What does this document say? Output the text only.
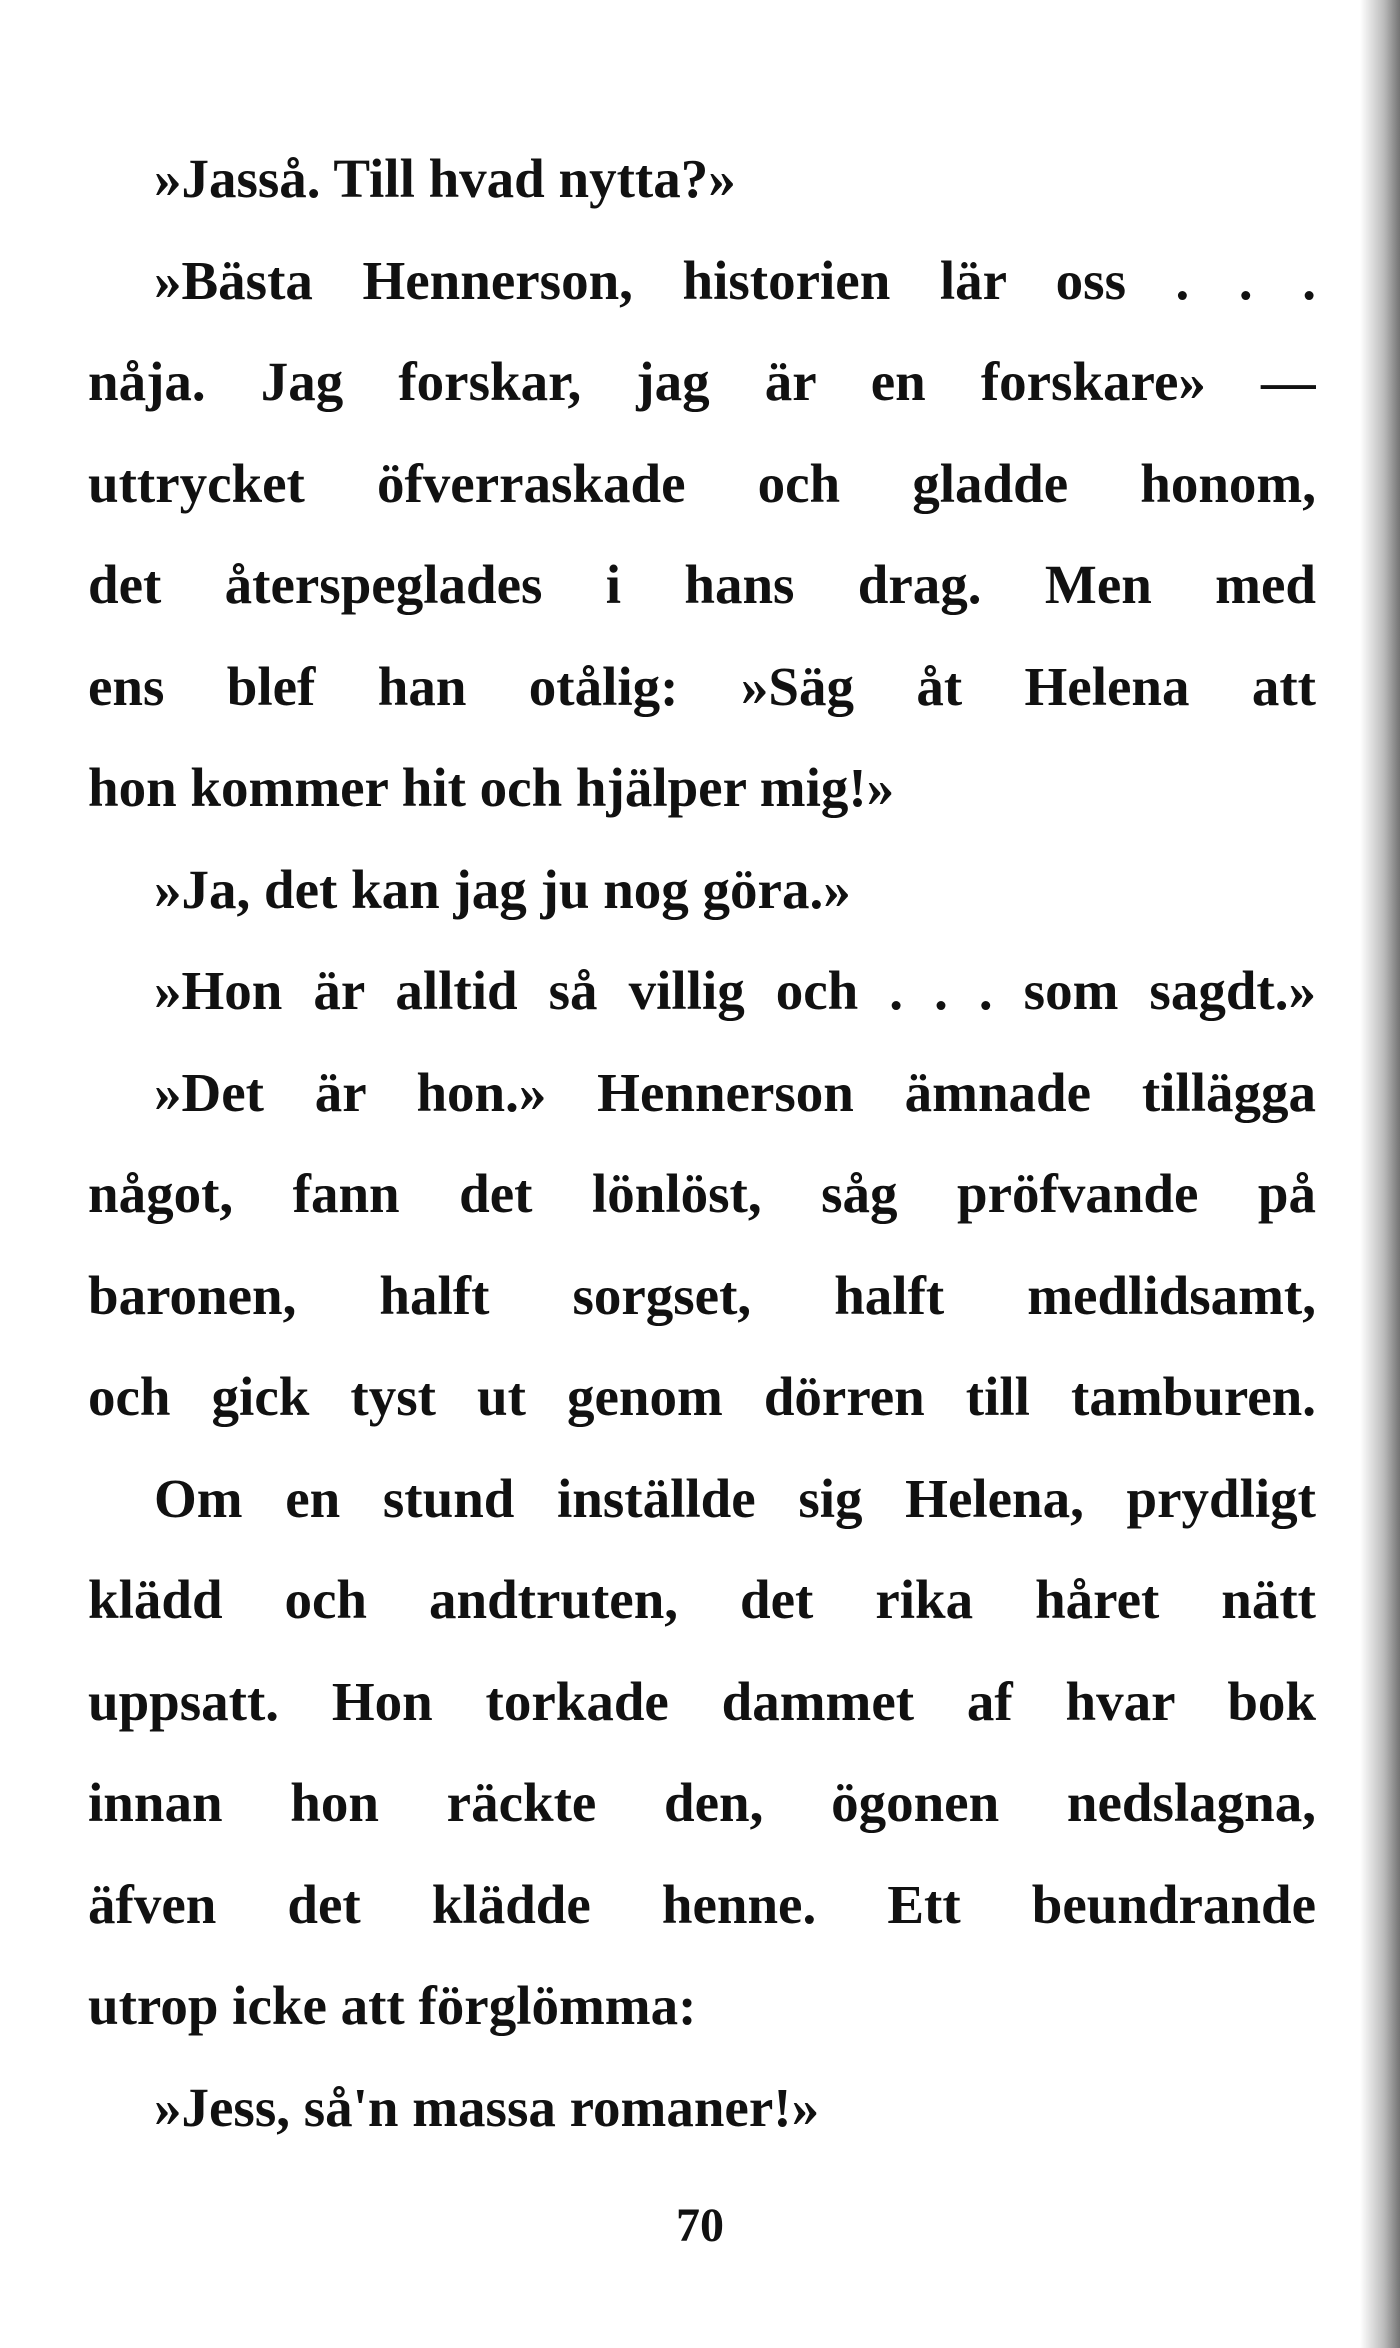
»Jasså. Till hvad nytta?»
»Bästa Hennerson, historien lär oss . . .
nåja. Jag forskar, jag är en forskare» —
uttrycket öfverraskade och gladde honom,
det återspeglades i hans drag. Men med
ens blef han otålig: »Säg åt Helena att
hon kommer hit och hjälper mig!»
»Ja, det kan jag ju nog göra.»
»Hon är alltid så villig och . . . som sagdt.»
»Det är hon.» Hennerson ämnade tillägga
något, fann det lönlöst, såg pröfvande på
baronen, halft sorgset, halft medlidsamt,
och gick tyst ut genom dörren till tamburen.
Om en stund inställde sig Helena, prydligt
klädd och andtruten, det rika håret nätt
uppsatt. Hon torkade dammet af hvar bok
innan hon räckte den, ögonen nedslagna,
äfven det klädde henne. Ett beundrande
utrop icke att förglömma:
»Jess, så'n massa romaner!»
70
